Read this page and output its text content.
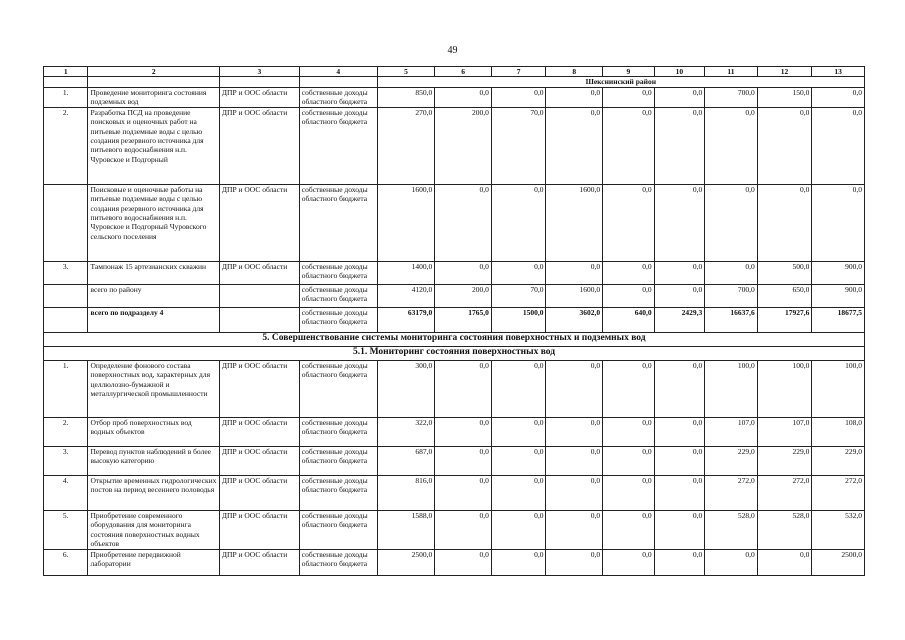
49
1	2	3	4	5	6	7	8	9	10	11	12	13
				Шекснинский район								
1.	Проведение мониторинга состояния подземных вод	ДПР и ООС области	собственные доходы областного бюджета	850,0	0,0	0,0	0,0	0,0	0,0	700,0	150,0	0,0
2.	Разработка ПСД на проведение поисковых и оценочных работ на питьевые подземные воды с целью создания резервного источника для питьевого водоснабжения н.п. Чуровское и Подгорный	ДПР и ООС области	собственные доходы областного бюджета	270,0	200,0	70,0	0,0	0,0	0,0	0,0	0,0	0,0
	Поисковые и оценочные работы на питьевые подземные воды с целью создания резервного источника для питьевого водоснабжения н.п. Чуровское и Подгорный Чуровского сельского поселения	ДПР и ООС области	собственные доходы областного бюджета	1600,0	0,0	0,0	1600,0	0,0	0,0	0,0	0,0	0,0
3.	Тампонаж 15 артезианских скважин	ДПР и ООС области	собственные доходы областного бюджета	1400,0	0,0	0,0	0,0	0,0	0,0	0,0	500,0	900,0
	всего по району		собственные доходы областного бюджета	4120,0	200,0	70,0	1600,0	0,0	0,0	700,0	650,0	900,0
	всего по подразделу 4		собственные доходы областного бюджета	63179,0	1765,0	1500,0	3602,0	640,0	2429,3	16637,6	17927,6	18677,5
5. Совершенствование системы мониторинга состояния поверхностных и подземных вод												
5.1. Мониторинг состояния поверхностных вод												
1.	Определение фонового состава поверхностных вод, характерных для целлюлозно-бумажной и металлургической промышленности	ДПР и ООС области	собственные доходы областного бюджета	300,0	0,0	0,0	0,0	0,0	0,0	100,0	100,0	100,0
2.	Отбор проб поверхностных вод водных объектов	ДПР и ООС области	собственные доходы областного бюджета	322,0	0,0	0,0	0,0	0,0	0,0	107,0	107,0	108,0
3.	Перевод пунктов наблюдений в более высокую категорию	ДПР и ООС области	собственные доходы областного бюджета	687,0	0,0	0,0	0,0	0,0	0,0	229,0	229,0	229,0
4.	Открытие временных гидрологических постов на период весеннего половодья	ДПР и ООС области	собственные доходы областного бюджета	816,0	0,0	0,0	0,0	0,0	0,0	272,0	272,0	272,0
5.	Приобретение современного оборудования для мониторинга состояния поверхностных водных объектов	ДПР и ООС области	собственные доходы областного бюджета	1588,0	0,0	0,0	0,0	0,0	0,0	528,0	528,0	532,0
6.	Приобретение передвижной лаборатории	ДПР и ООС области	собственные доходы областного бюджета	2500,0	0,0	0,0	0,0	0,0	0,0	0,0	0,0	2500,0
